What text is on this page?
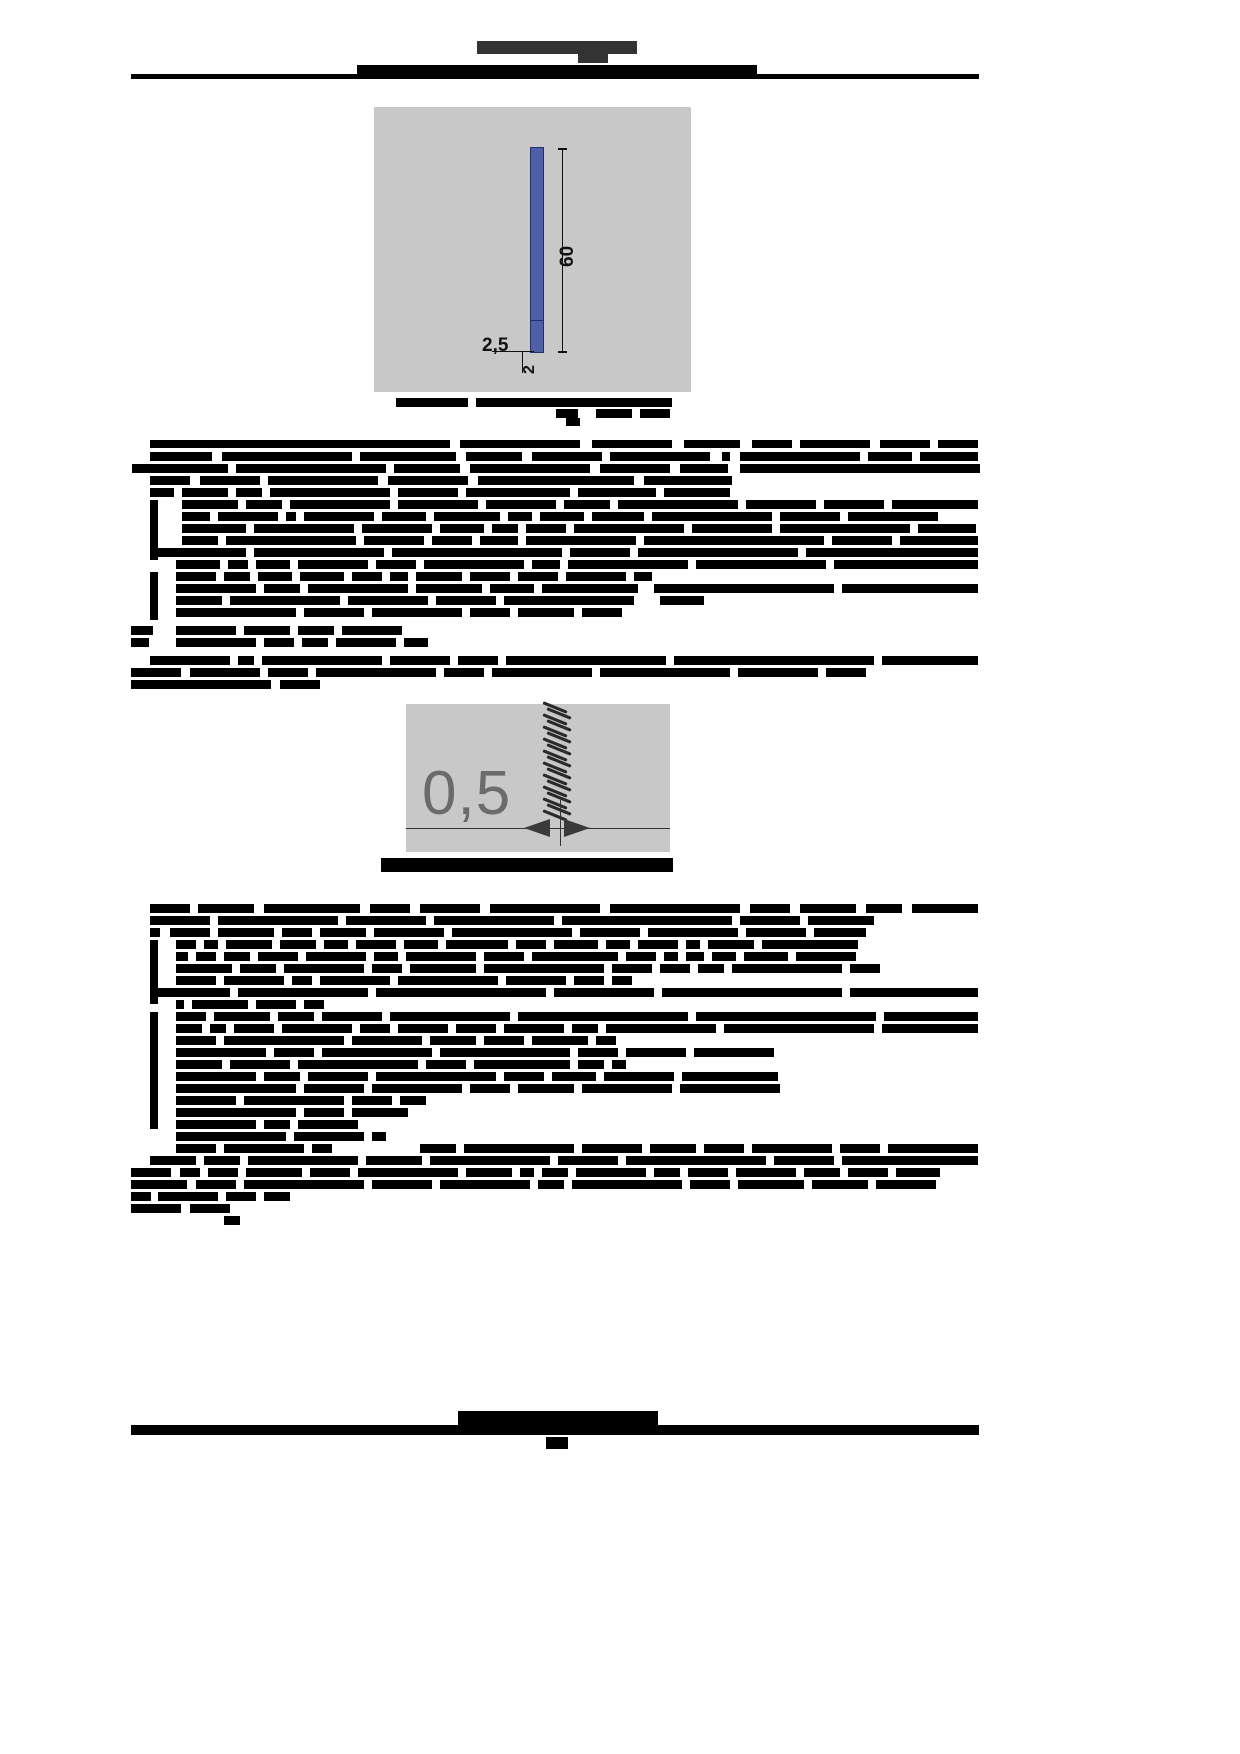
60
2,5
2
0,5
